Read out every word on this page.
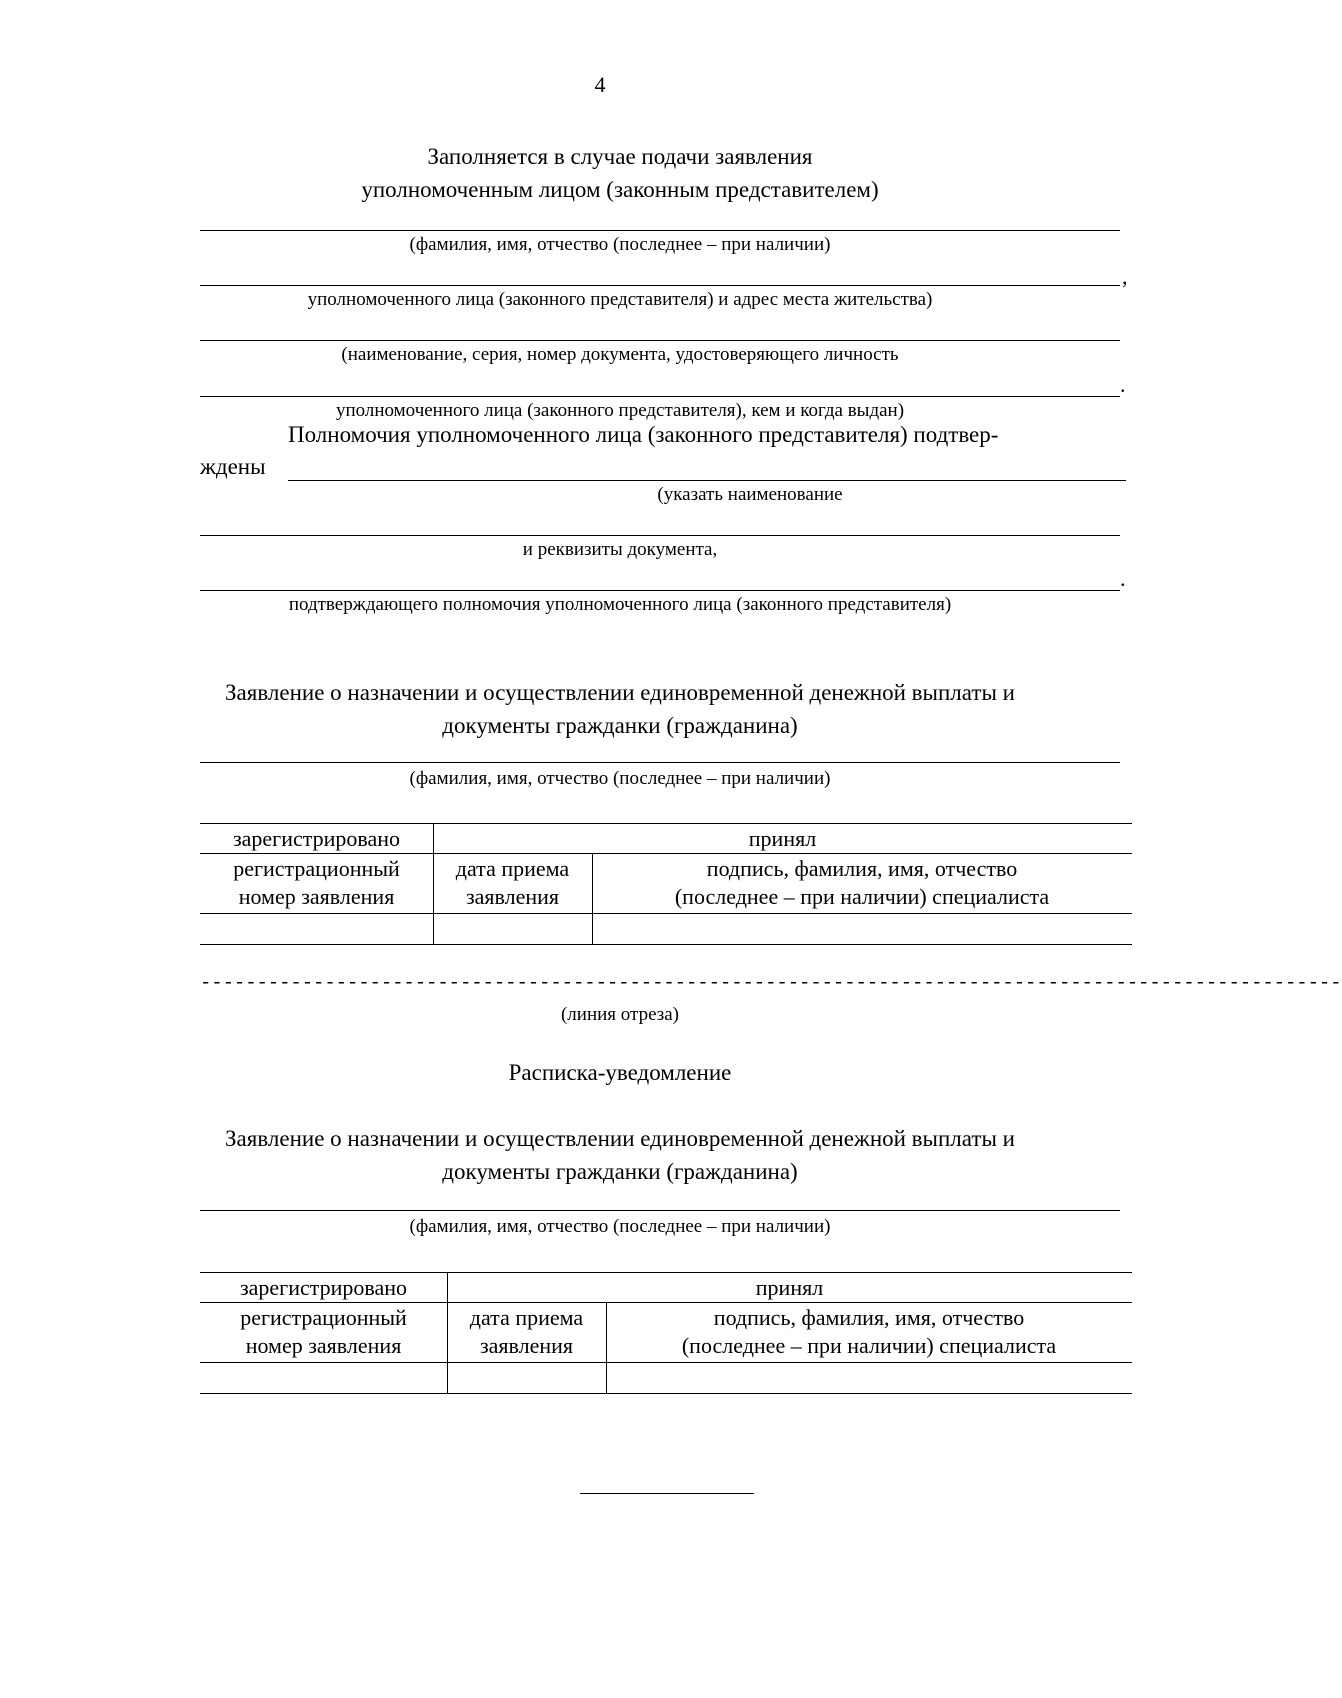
4
Заполняется в случае подачи заявления
уполномоченным лицом (законным представителем)
(фамилия, имя, отчество (последнее – при наличии)
,
уполномоченного лица (законного представителя) и адрес места жительства)
(наименование, серия, номер документа, удостоверяющего личность
.
уполномоченного лица (законного представителя), кем и когда выдан)
Полномочия уполномоченного лица (законного представителя) подтвер-
ждены
(указать наименование
и реквизиты документа,
.
подтверждающего полномочия уполномоченного лица (законного представителя)
Заявление о назначении и осуществлении единовременной денежной выплаты и
документы гражданки (гражданина)
(фамилия, имя, отчество (последнее – при наличии)
зарегистрировано	принял
регистрационный
номер заявления
дата приема
заявления
подпись, фамилия, имя, отчество
(последнее – при наличии) специалиста
-----------------------------------------------------------------------------------------------------
(линия отреза)
Расписка-уведомление
Заявление о назначении и осуществлении единовременной денежной выплаты и
документы гражданки (гражданина)
(фамилия, имя, отчество (последнее – при наличии)
зарегистрировано	принял
регистрационный
номер заявления
дата приема
заявления
подпись, фамилия, имя, отчество
(последнее – при наличии) специалиста
